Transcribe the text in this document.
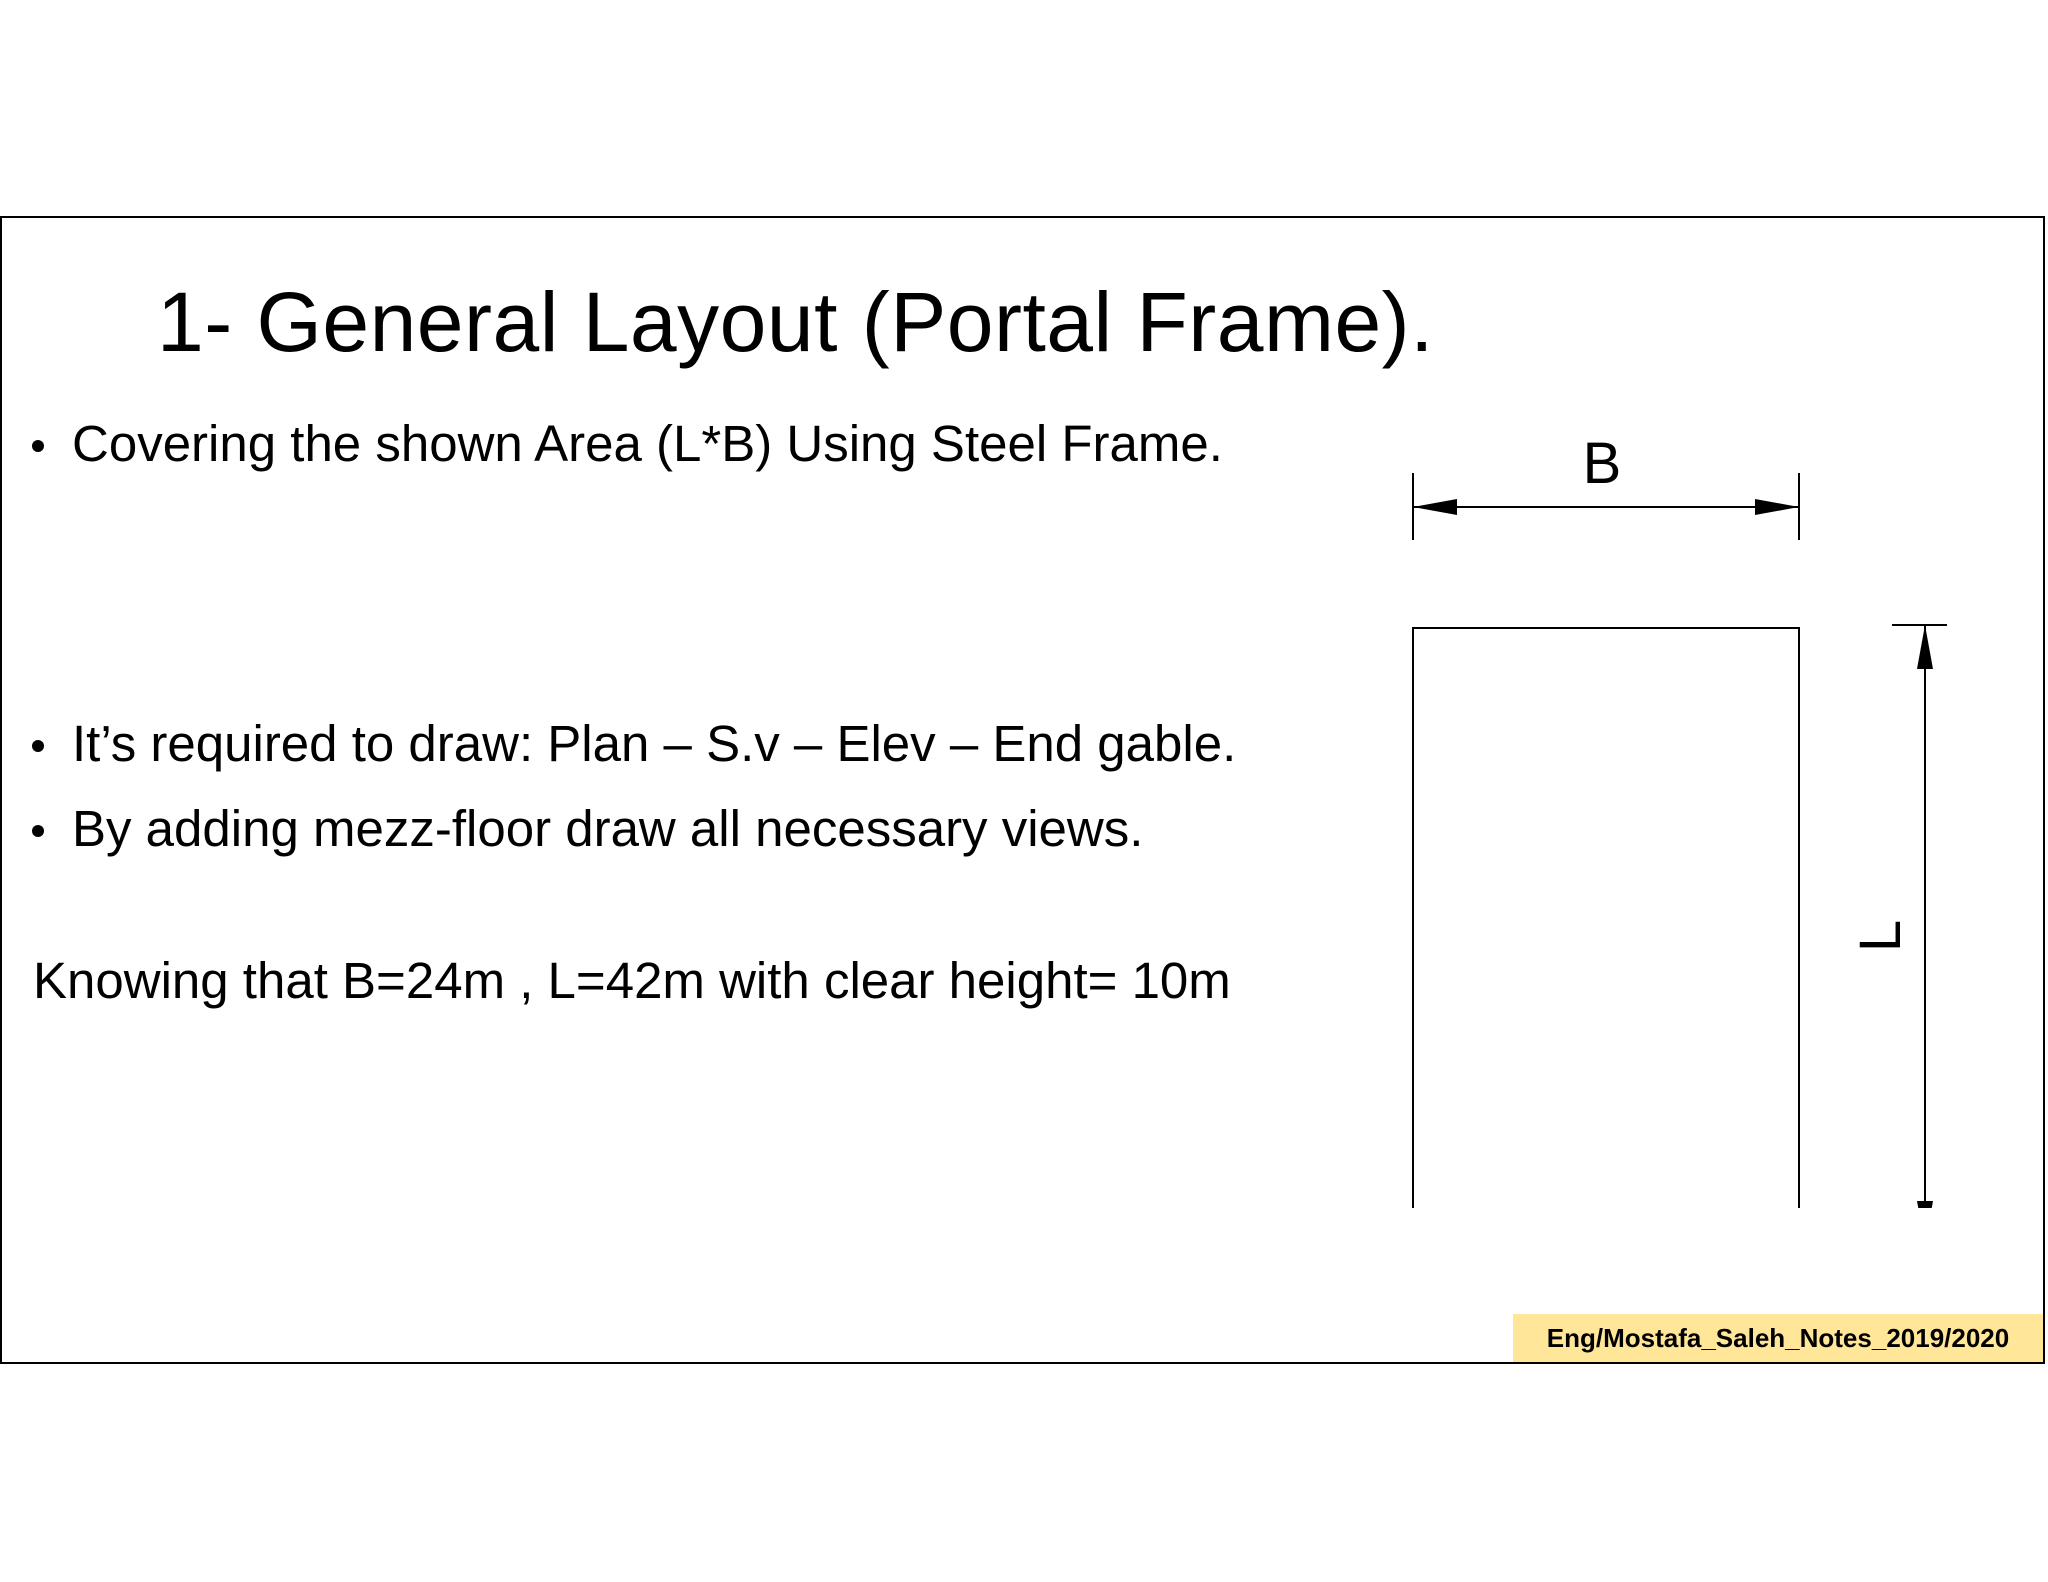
1- General Layout (Portal Frame).
Covering the shown Area (L*B) Using Steel Frame.
It’s required to draw: Plan – S.v – Elev – End gable.
By adding mezz-floor draw all necessary views.
Knowing that B=24m , L=42m with clear height= 10m
B
L
Eng/Mostafa_Saleh_Notes_2019/2020
